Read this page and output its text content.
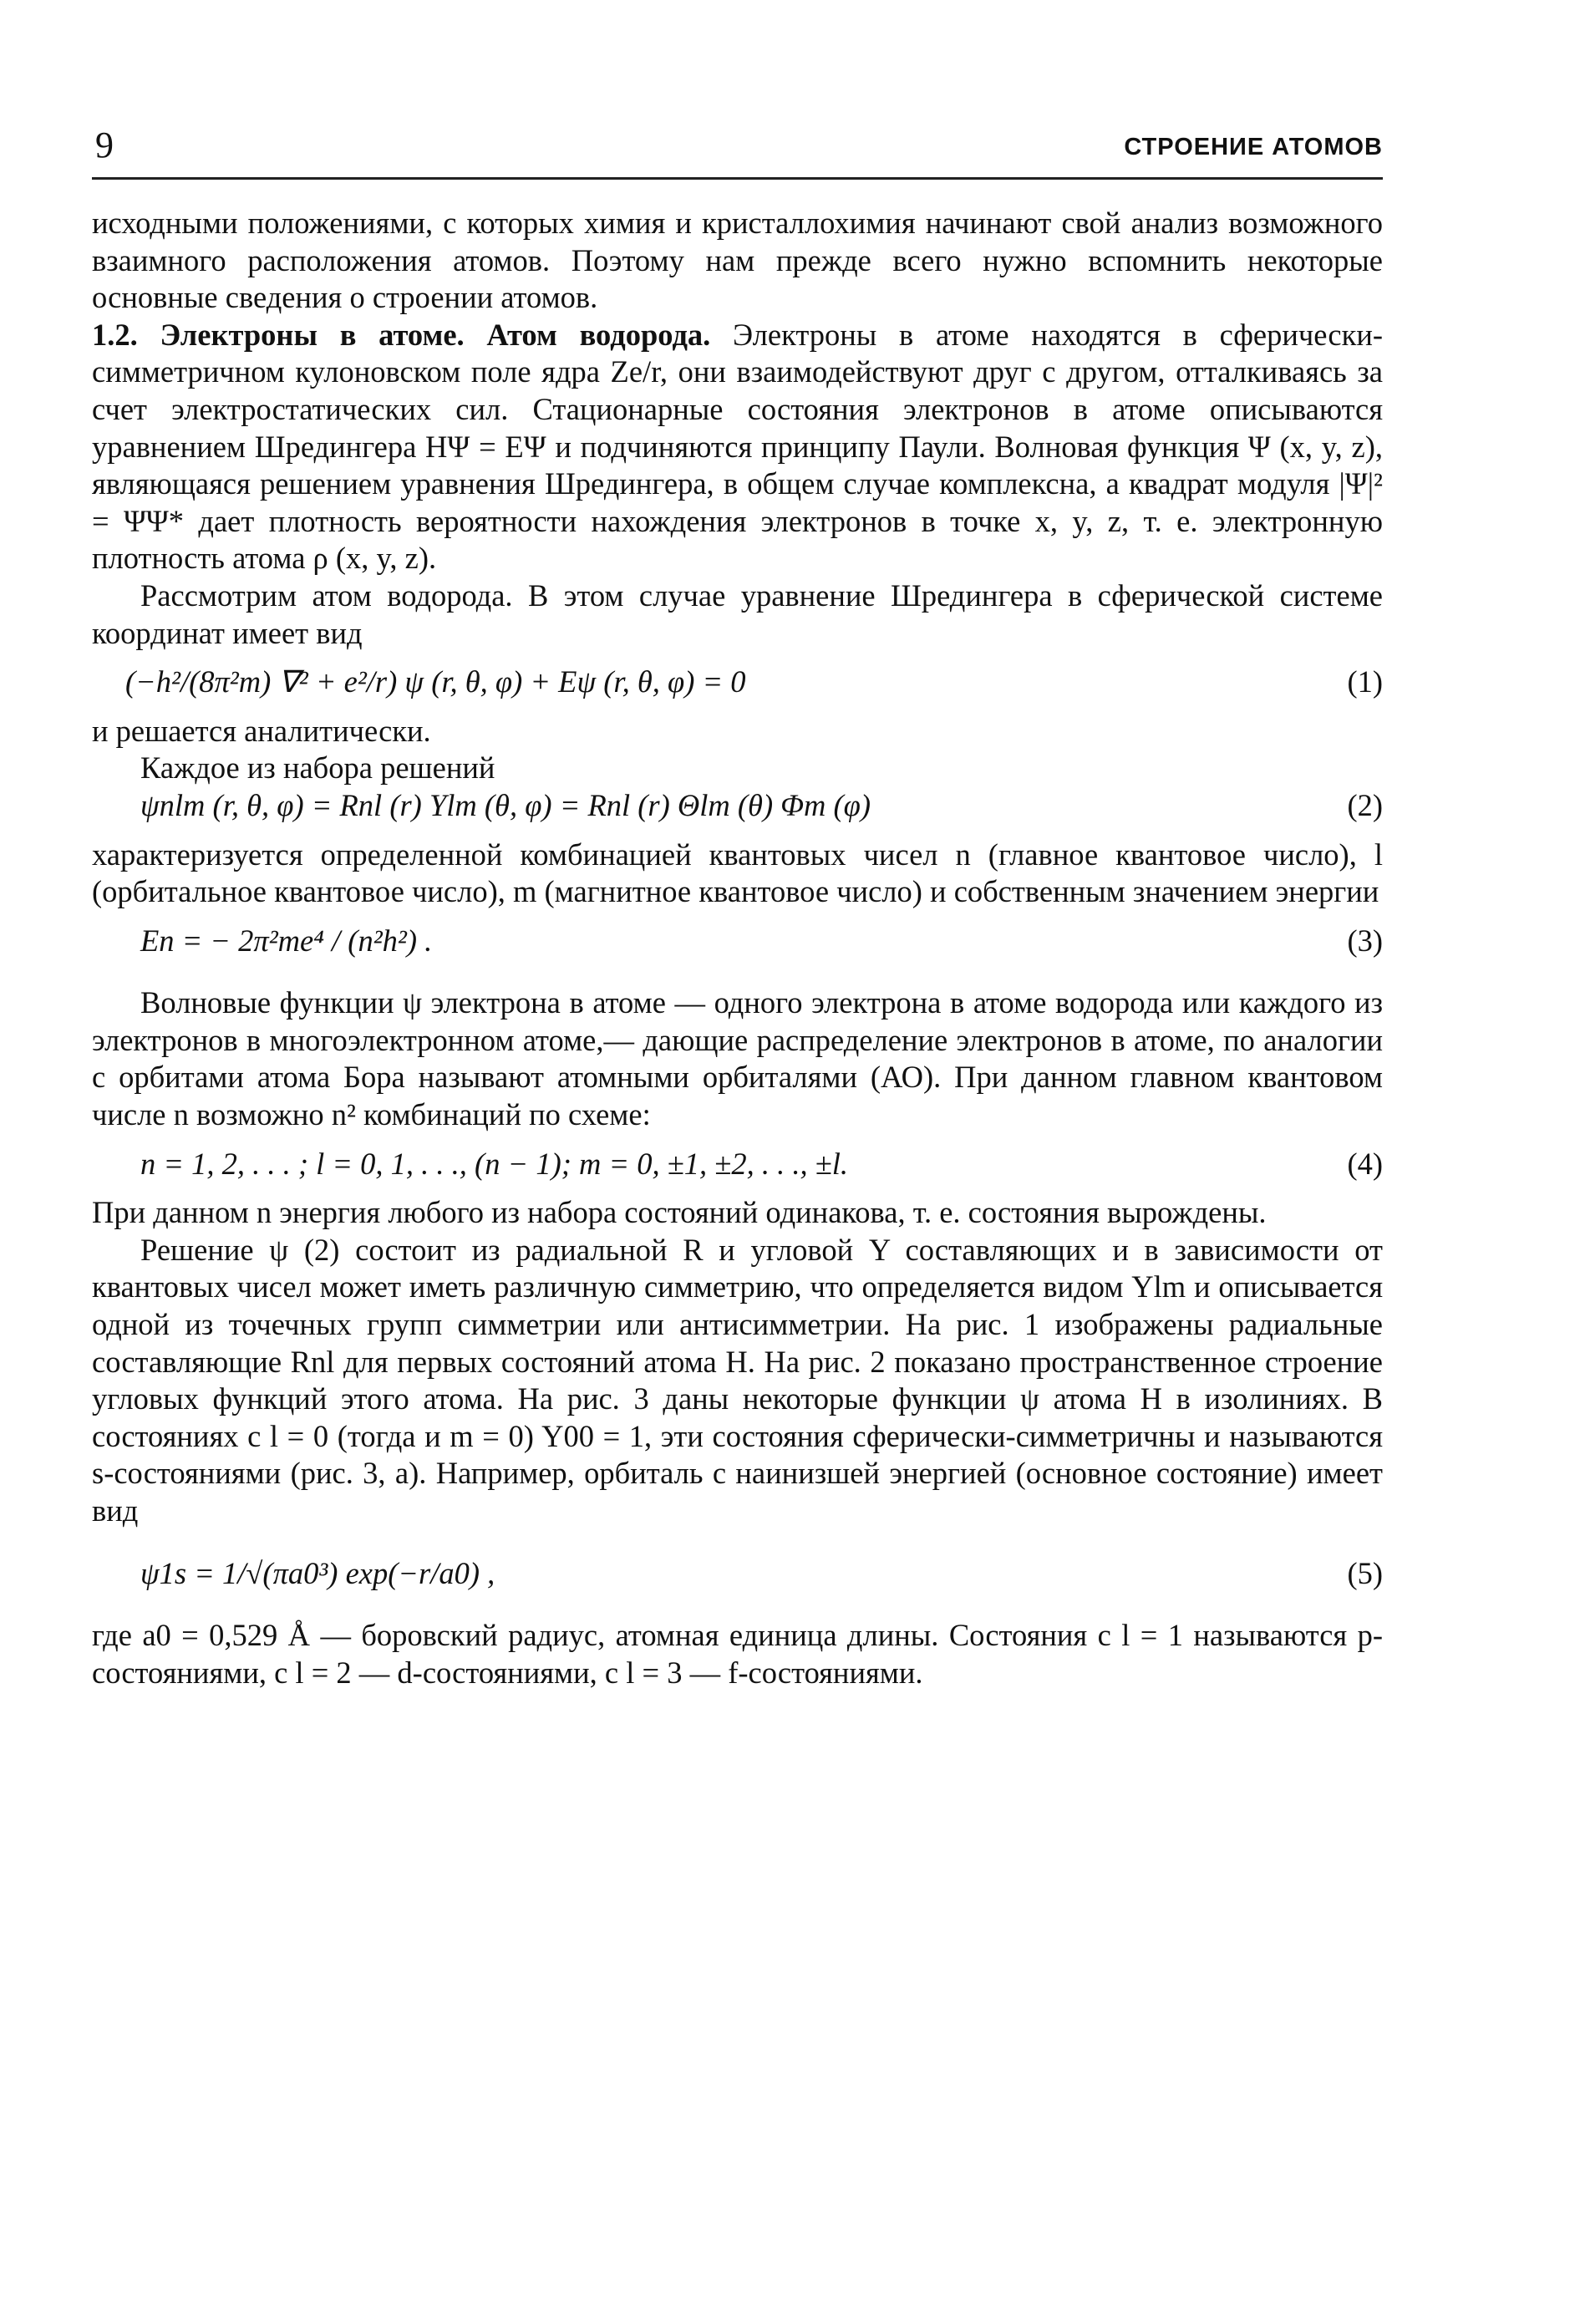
9	СТРОЕНИЕ АТОМОВ

исходными положениями, с которых химия и кристаллохимия начинают свой анализ возможного взаимного расположения атомов. Поэтому нам прежде всего нужно вспомнить некоторые основные сведения о строении атомов.

1.2. Электроны в атоме. Атом водорода. Электроны в атоме находятся в сферически-симметричном кулоновском поле ядра Ze/r, они взаимодействуют друг с другом, отталкиваясь за счет электростатических сил. Стационарные состояния электронов в атоме описываются уравнением Шредингера HΨ = EΨ и подчиняются принципу Паули. Волновая функция Ψ (x, y, z), являющаяся решением уравнения Шредингера, в общем случае комплексна, а квадрат модуля |Ψ|² = ΨΨ* дает плотность вероятности нахождения электронов в точке x, y, z, т. е. электронную плотность атома ρ (x, y, z).

Рассмотрим атом водорода. В этом случае уравнение Шредингера в сферической системе координат имеет вид

(−h²/(8π²m) ∇² + e²/r) ψ (r, θ, φ) + Eψ (r, θ, φ) = 0	(1)

и решается аналитически.

Каждое из набора решений

ψnlm (r, θ, φ) = Rnl (r) Ylm (θ, φ) = Rnl (r) Θlm (θ) Φm (φ)	(2)

характеризуется определенной комбинацией квантовых чисел n (главное квантовое число), l (орбитальное квантовое число), m (магнитное квантовое число) и собственным значением энергии

En = − 2π²me⁴ / (n²h²) .	(3)

Волновые функции ψ электрона в атоме — одного электрона в атоме водорода или каждого из электронов в многоэлектронном атоме,— дающие распределение электронов в атоме, по аналогии с орбитами атома Бора называют атомными орбиталями (АО). При данном главном квантовом числе n возможно n² комбинаций по схеме:

n = 1, 2, . . . ; l = 0, 1, . . ., (n − 1); m = 0, ±1, ±2, . . ., ±l.	(4)

При данном n энергия любого из набора состояний одинакова, т. е. состояния вырождены.

Решение ψ (2) состоит из радиальной R и угловой Y составляющих и в зависимости от квантовых чисел может иметь различную симметрию, что определяется видом Ylm и описывается одной из точечных групп симметрии или антисимметрии. На рис. 1 изображены радиальные составляющие Rnl для первых состояний атома H. На рис. 2 показано пространственное строение угловых функций этого атома. На рис. 3 даны некоторые функции ψ атома H в изолиниях. В состояниях с l = 0 (тогда и m = 0) Y00 = 1, эти состояния сферически-симметричны и называются s-состояниями (рис. 3, а). Например, орбиталь с наинизшей энергией (основное состояние) имеет вид

ψ1s = 1/√(πa0³) exp(−r/a0) ,	(5)

где a0 = 0,529 Å — боровский радиус, атомная единица длины. Состояния с l = 1 называются p-состояниями, с l = 2 — d-состояниями, с l = 3 — f-состояниями.
